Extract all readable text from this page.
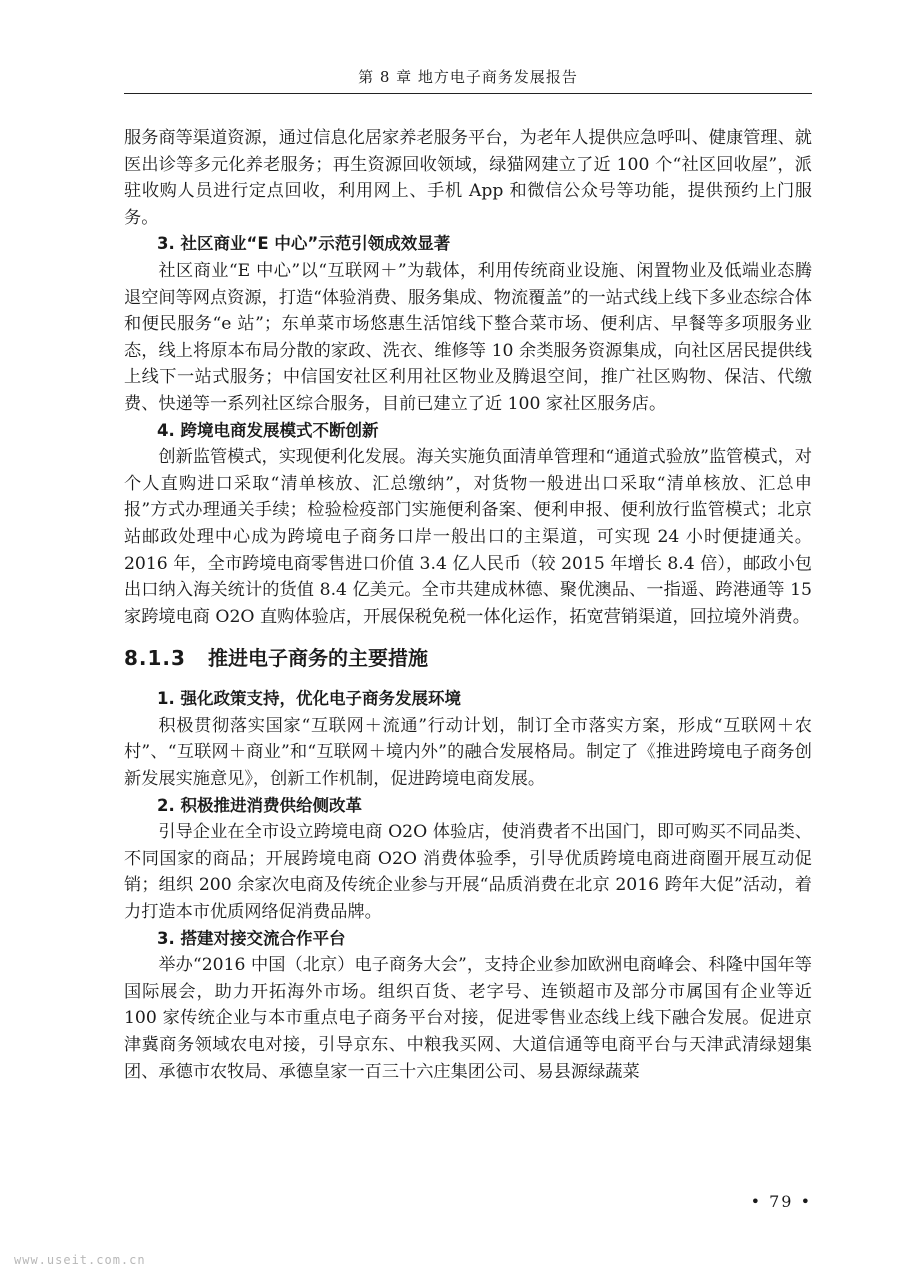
第 8 章 地方电子商务发展报告

服务商等渠道资源，通过信息化居家养老服务平台，为老年人提供应急呼叫、健康管理、就医出诊等多元化养老服务；再生资源回收领域，绿猫网建立了近 100 个“社区回收屋”，派驻收购人员进行定点回收，利用网上、手机 App 和微信公众号等功能，提供预约上门服务。

3. 社区商业“E 中心”示范引领成效显著

社区商业“E 中心”以“互联网＋”为载体，利用传统商业设施、闲置物业及低端业态腾退空间等网点资源，打造“体验消费、服务集成、物流覆盖”的一站式线上线下多业态综合体和便民服务“e 站”；东单菜市场悠惠生活馆线下整合菜市场、便利店、早餐等多项服务业态，线上将原本布局分散的家政、洗衣、维修等 10 余类服务资源集成，向社区居民提供线上线下一站式服务；中信国安社区利用社区物业及腾退空间，推广社区购物、保洁、代缴费、快递等一系列社区综合服务，目前已建立了近 100 家社区服务店。

4. 跨境电商发展模式不断创新

创新监管模式，实现便利化发展。海关实施负面清单管理和“通道式验放”监管模式，对个人直购进口采取“清单核放、汇总缴纳”，对货物一般进出口采取“清单核放、汇总申报”方式办理通关手续；检验检疫部门实施便利备案、便利申报、便利放行监管模式；北京站邮政处理中心成为跨境电子商务口岸一般出口的主渠道，可实现 24 小时便捷通关。2016 年，全市跨境电商零售进口价值 3.4 亿人民币（较 2015 年增长 8.4 倍），邮政小包出口纳入海关统计的货值 8.4 亿美元。全市共建成林德、聚优澳品、一指遥、跨港通等 15 家跨境电商 O2O 直购体验店，开展保税免税一体化运作，拓宽营销渠道，回拉境外消费。

8.1.3 推进电子商务的主要措施
1. 强化政策支持，优化电子商务发展环境

积极贯彻落实国家“互联网＋流通”行动计划，制订全市落实方案，形成“互联网＋农村”、“互联网＋商业”和“互联网＋境内外”的融合发展格局。制定了《推进跨境电子商务创新发展实施意见》，创新工作机制，促进跨境电商发展。

2. 积极推进消费供给侧改革

引导企业在全市设立跨境电商 O2O 体验店，使消费者不出国门，即可购买不同品类、不同国家的商品；开展跨境电商 O2O 消费体验季，引导优质跨境电商进商圈开展互动促销；组织 200 余家次电商及传统企业参与开展“品质消费在北京 2016 跨年大促”活动，着力打造本市优质网络促消费品牌。

3. 搭建对接交流合作平台

举办“2016 中国（北京）电子商务大会”，支持企业参加欧洲电商峰会、科隆中国年等国际展会，助力开拓海外市场。组织百货、老字号、连锁超市及部分市属国有企业等近 100 家传统企业与本市重点电子商务平台对接，促进零售业态线上线下融合发展。促进京津冀商务领域农电对接，引导京东、中粮我买网、大道信通等电商平台与天津武清绿翅集团、承德市农牧局、承德皇家一百三十六庄集团公司、易县源绿蔬菜

• 79 •
www.useit.com.cn
